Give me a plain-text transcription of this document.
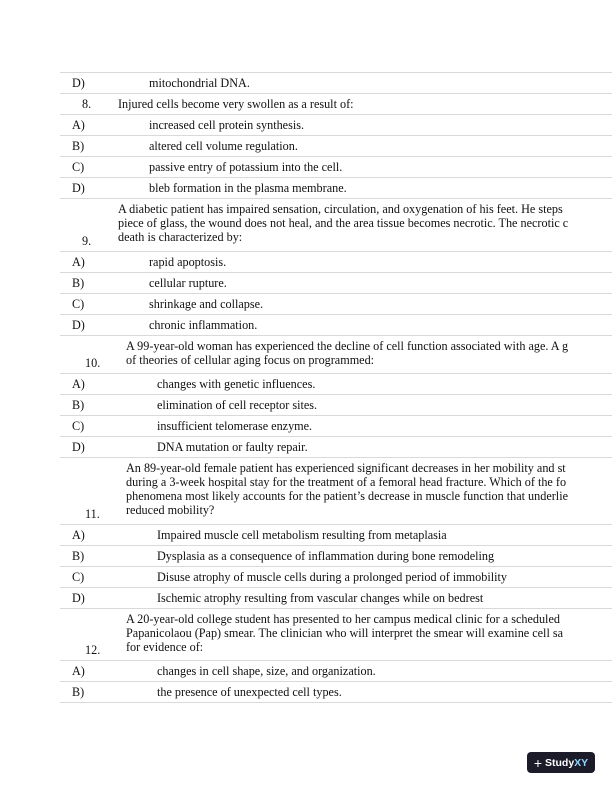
D)	mitochondrial DNA.
8. Injured cells become very swollen as a result of:
A)	increased cell protein synthesis.
B)	altered cell volume regulation.
C)	passive entry of potassium into the cell.
D)	bleb formation in the plasma membrane.
9.
A diabetic patient has impaired sensation, circulation, and oxygenation of his feet. He steps
piece of glass, the wound does not heal, and the area tissue becomes necrotic. The necrotic c
death is characterized by:
A)	rapid apoptosis.
B)	cellular rupture.
C)	shrinkage and collapse.
D)	chronic inflammation.
10.
A 99-year-old woman has experienced the decline of cell function associated with age. A g
of theories of cellular aging focus on programmed:
A)	changes with genetic influences.
B)	elimination of cell receptor sites.
C)	insufficient telomerase enzyme.
D)	DNA mutation or faulty repair.
11.
An 89-year-old female patient has experienced significant decreases in her mobility and st
during a 3-week hospital stay for the treatment of a femoral head fracture. Which of the fo
phenomena most likely accounts for the patient’s decrease in muscle function that underlie
reduced mobility?
A)	Impaired muscle cell metabolism resulting from metaplasia
B)	Dysplasia as a consequence of inflammation during bone remodeling
C)	Disuse atrophy of muscle cells during a prolonged period of immobility
D)	Ischemic atrophy resulting from vascular changes while on bedrest
12.
A 20-year-old college student has presented to her campus medical clinic for a scheduled
Papanicolaou (Pap) smear. The clinician who will interpret the smear will examine cell sa
for evidence of:
A)	changes in cell shape, size, and organization.
B)	the presence of unexpected cell types.
+ Study XY
